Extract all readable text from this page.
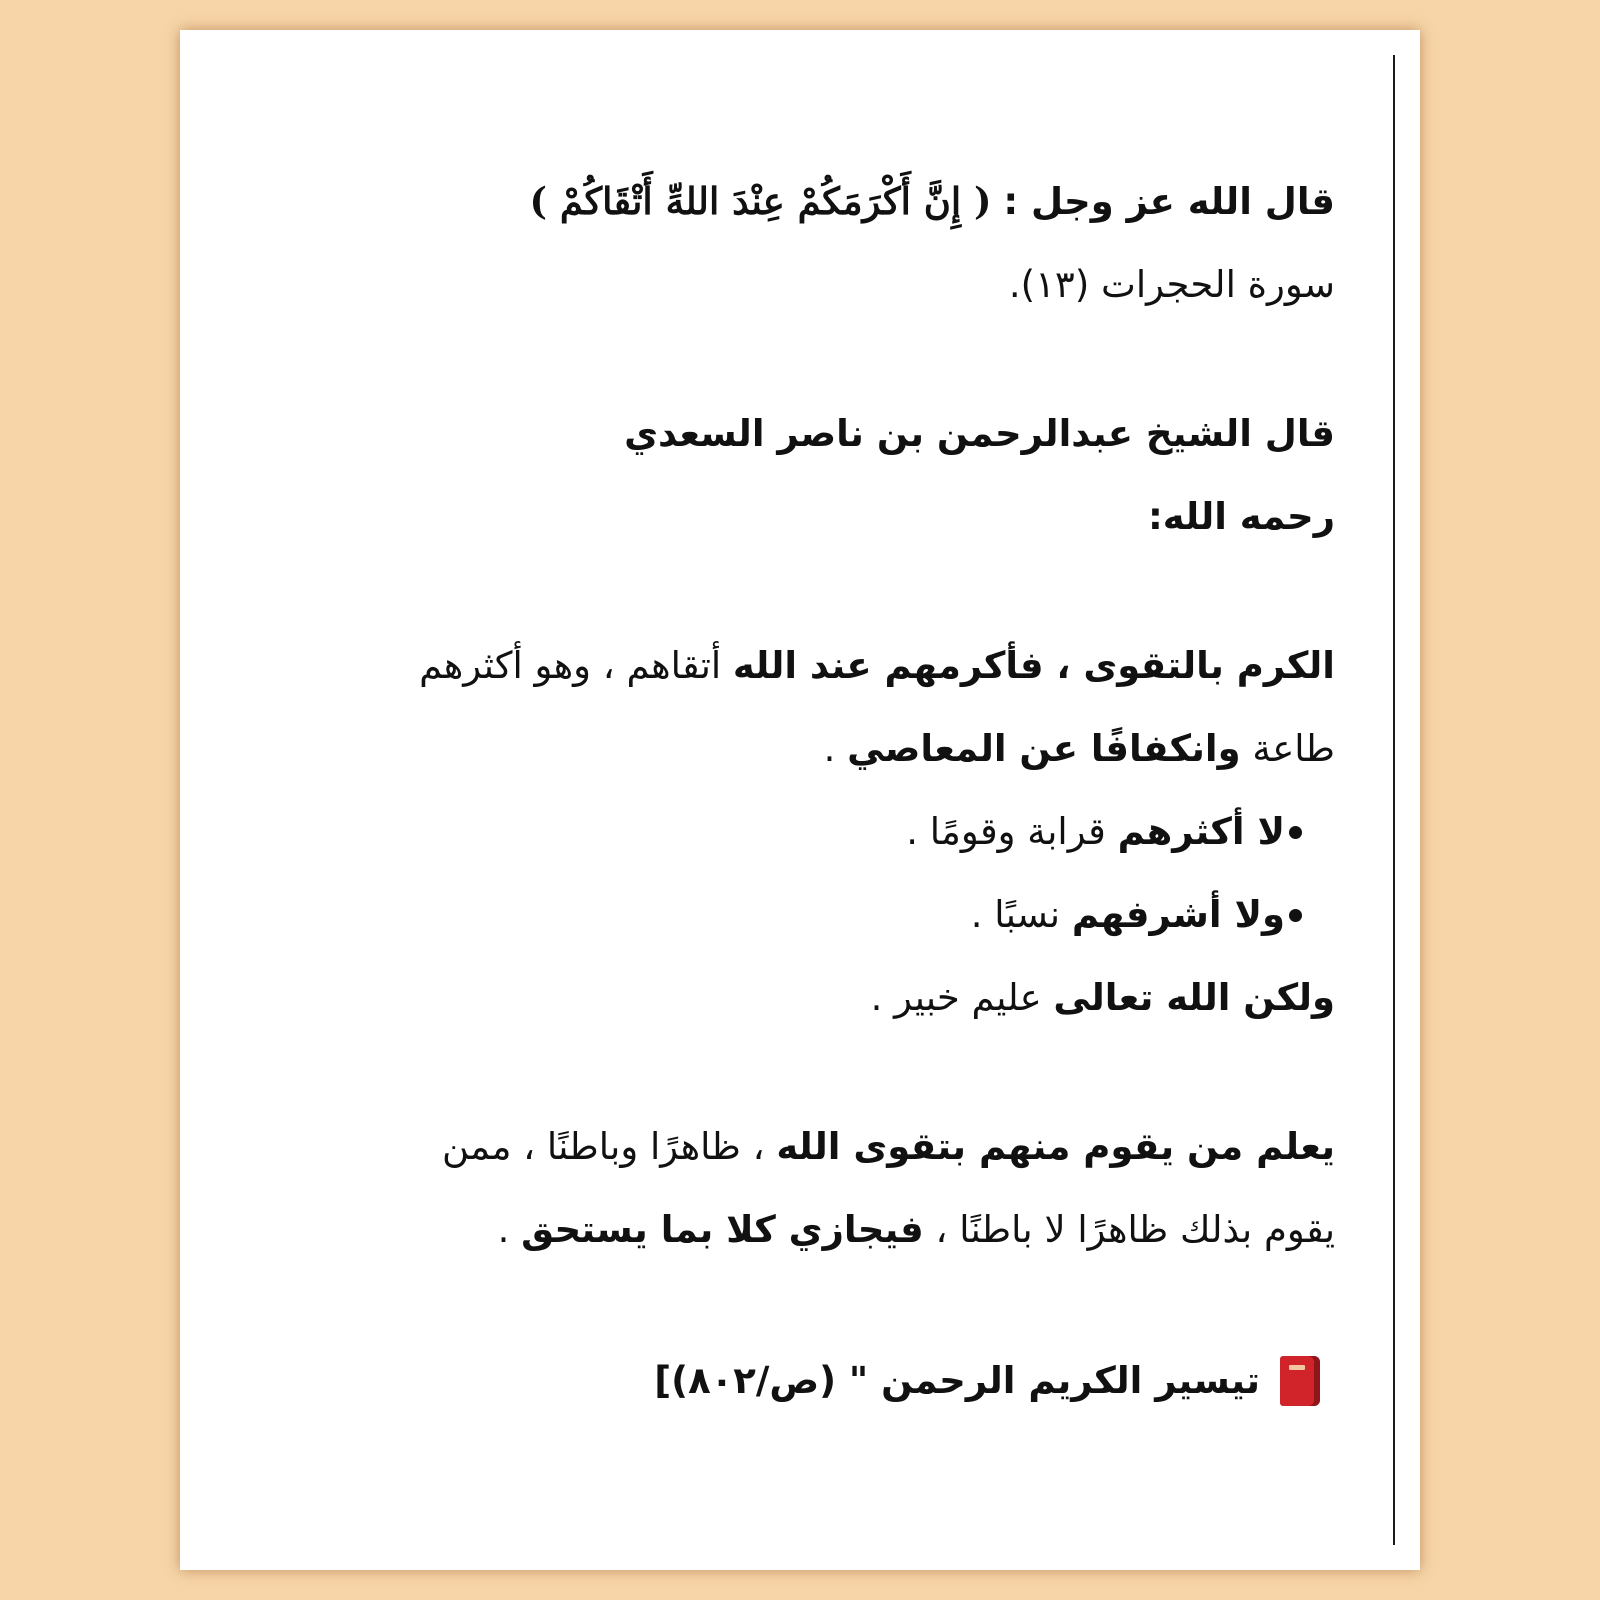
قال الله عز وجل : ( إِنَّ أَكْرَمَكُمْ عِنْدَ اللهِّ أَتْقَاكُمْ )
سورة الحجرات (١٣).
قال الشيخ عبدالرحمن بن ناصر السعدي
رحمه الله:
الكرم بالتقوى ، فأكرمهم عند الله أتقاهم ، وهو أكثرهم
طاعة وانكفافًا عن المعاصي .
لا أكثرهم قرابة وقومًا .
ولا أشرفهم نسبًا .
ولكن الله تعالى عليم خبير .
يعلم من يقوم منهم بتقوى الله ، ظاهرًا وباطنًا ، ممن
يقوم بذلك ظاهرًا لا باطنًا ، فيجازي كلا بما يستحق .
تيسير الكريم الرحمن " (ص/٨٠٢)]
